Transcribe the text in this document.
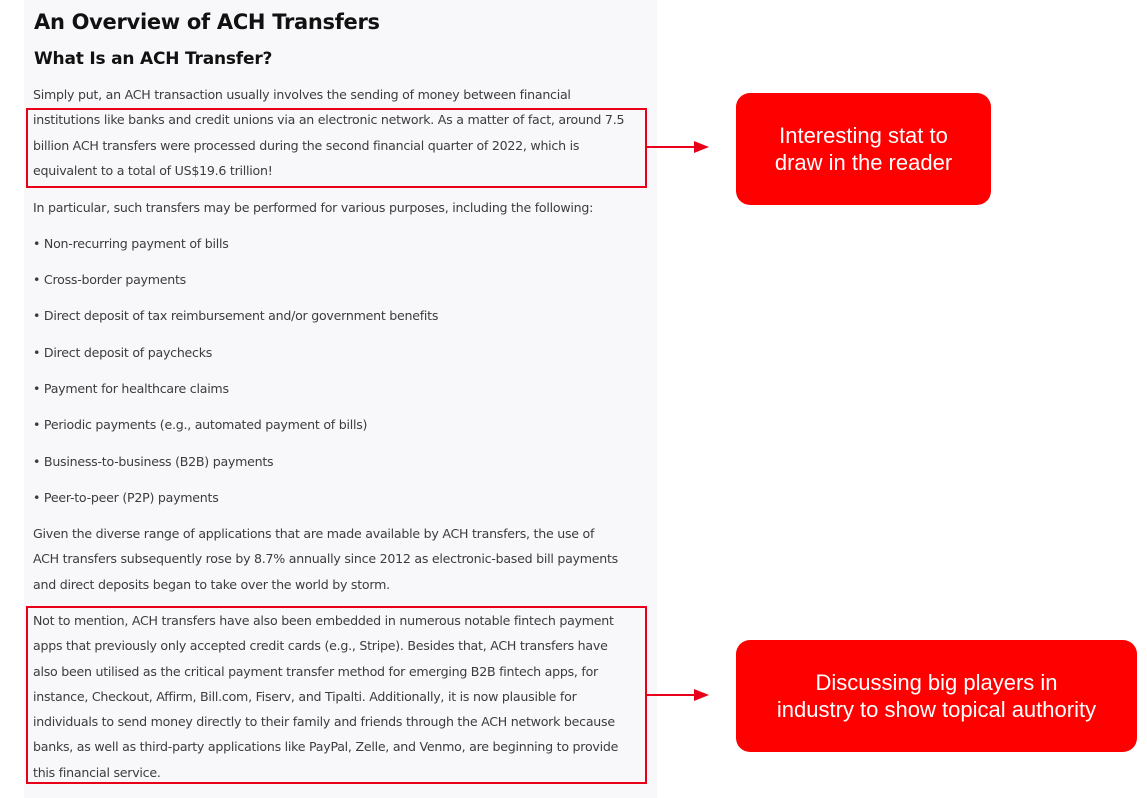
An Overview of ACH Transfers
What Is an ACH Transfer?
Simply put, an ACH transaction usually involves the sending of money between financial
institutions like banks and credit unions via an electronic network. As a matter of fact, around 7.5
billion ACH transfers were processed during the second financial quarter of 2022, which is
equivalent to a total of US$19.6 trillion!
In particular, such transfers may be performed for various purposes, including the following:
• Non-recurring payment of bills
• Cross-border payments
• Direct deposit of tax reimbursement and/or government benefits
• Direct deposit of paychecks
• Payment for healthcare claims
• Periodic payments (e.g., automated payment of bills)
• Business-to-business (B2B) payments
• Peer-to-peer (P2P) payments
Given the diverse range of applications that are made available by ACH transfers, the use of
ACH transfers subsequently rose by 8.7% annually since 2012 as electronic-based bill payments
and direct deposits began to take over the world by storm.
Not to mention, ACH transfers have also been embedded in numerous notable fintech payment
apps that previously only accepted credit cards (e.g., Stripe). Besides that, ACH transfers have
also been utilised as the critical payment transfer method for emerging B2B fintech apps, for
instance, Checkout, Affirm, Bill.com, Fiserv, and Tipalti. Additionally, it is now plausible for
individuals to send money directly to their family and friends through the ACH network because
banks, as well as third-party applications like PayPal, Zelle, and Venmo, are beginning to provide
this financial service.
Interesting stat to
draw in the reader
Discussing big players in
industry to show topical authority
